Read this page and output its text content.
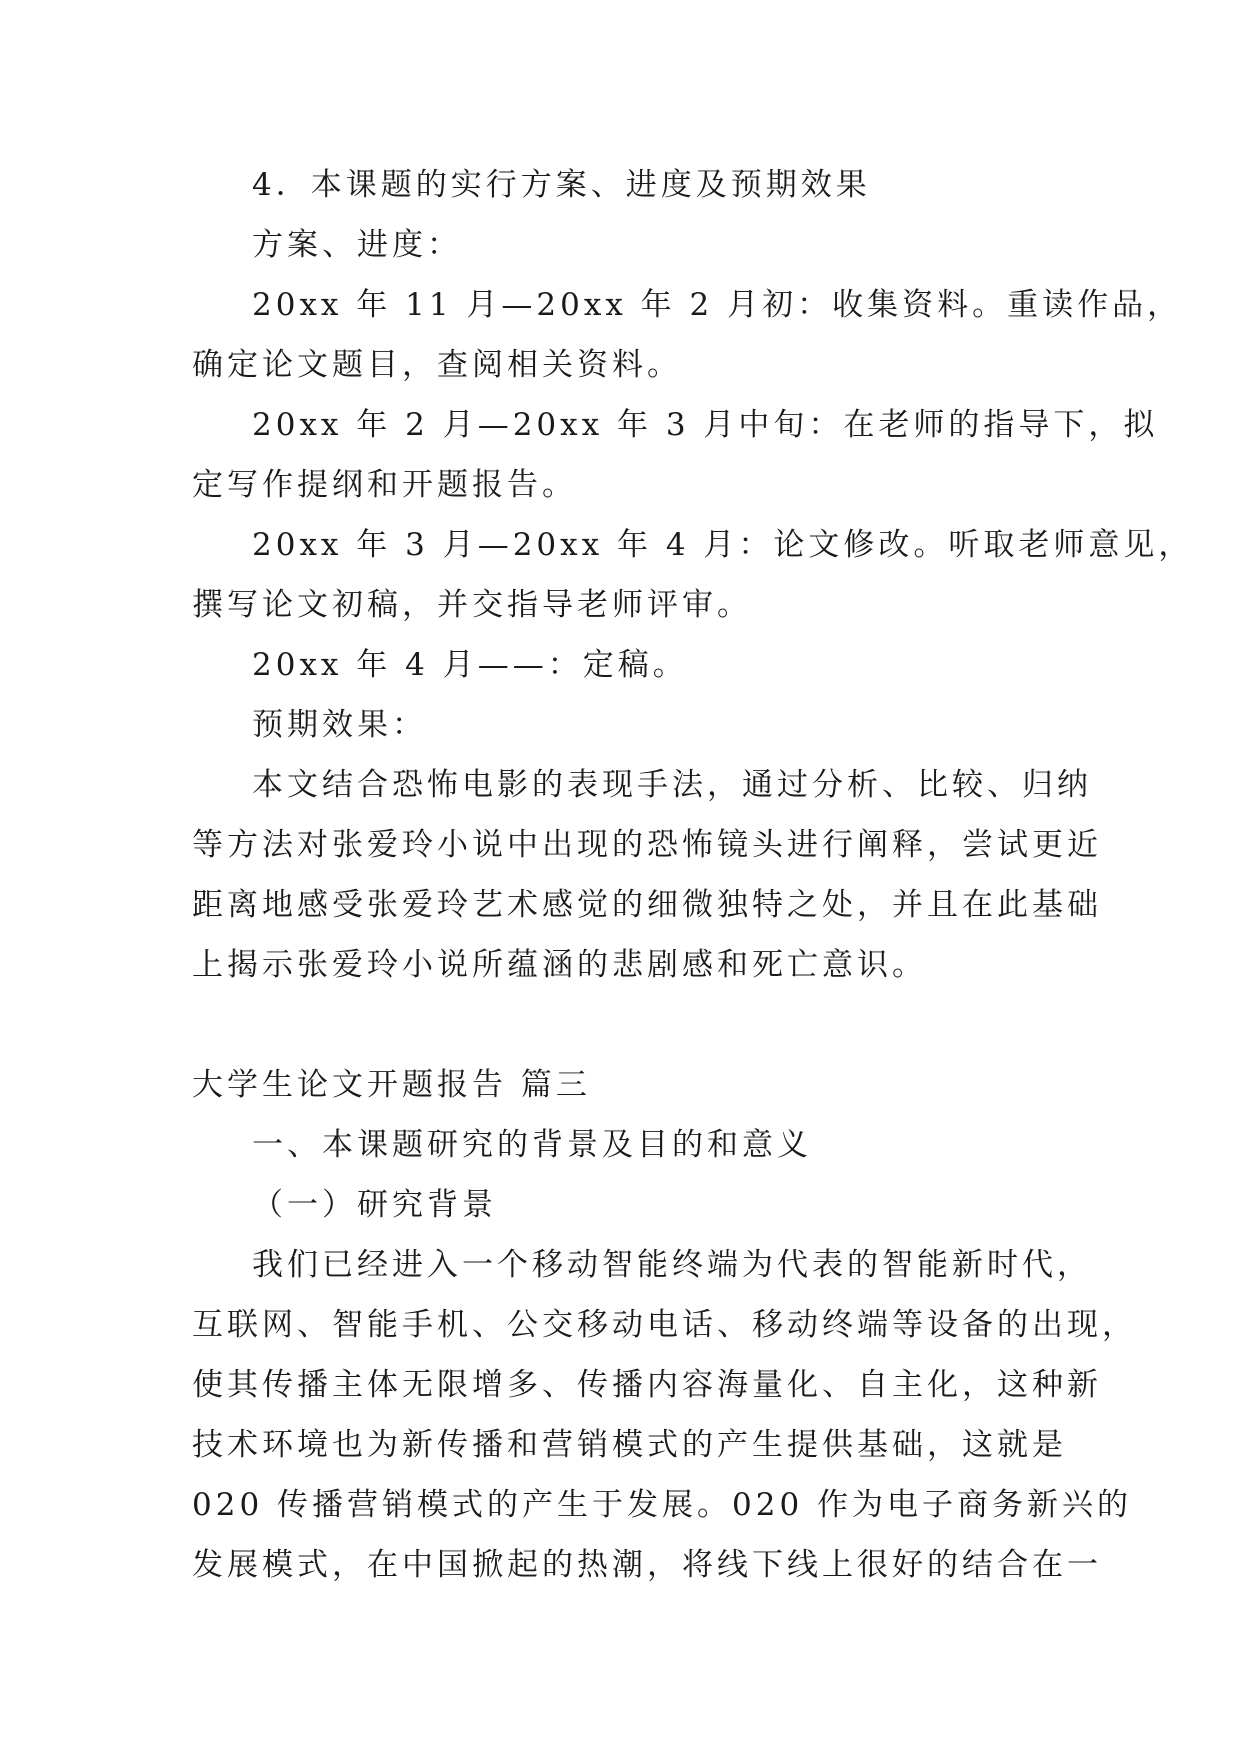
4．本课题的实行方案、进度及预期效果
方案、进度：
20xx 年 11 月—20xx 年 2 月初：收集资料。重读作品，
确定论文题目，查阅相关资料。
20xx 年 2 月—20xx 年 3 月中旬：在老师的指导下，拟
定写作提纲和开题报告。
20xx 年 3 月—20xx 年 4 月：论文修改。听取老师意见，
撰写论文初稿，并交指导老师评审。
20xx 年 4 月——：定稿。
预期效果：
本文结合恐怖电影的表现手法，通过分析、比较、归纳
等方法对张爱玲小说中出现的恐怖镜头进行阐释，尝试更近
距离地感受张爱玲艺术感觉的细微独特之处，并且在此基础
上揭示张爱玲小说所蕴涵的悲剧感和死亡意识。
大学生论文开题报告 篇三
一、本课题研究的背景及目的和意义
（一）研究背景
我们已经进入一个移动智能终端为代表的智能新时代，
互联网、智能手机、公交移动电话、移动终端等设备的出现，
使其传播主体无限增多、传播内容海量化、自主化，这种新
技术环境也为新传播和营销模式的产生提供基础，这就是
020 传播营销模式的产生于发展。020 作为电子商务新兴的
发展模式，在中国掀起的热潮，将线下线上很好的结合在一
